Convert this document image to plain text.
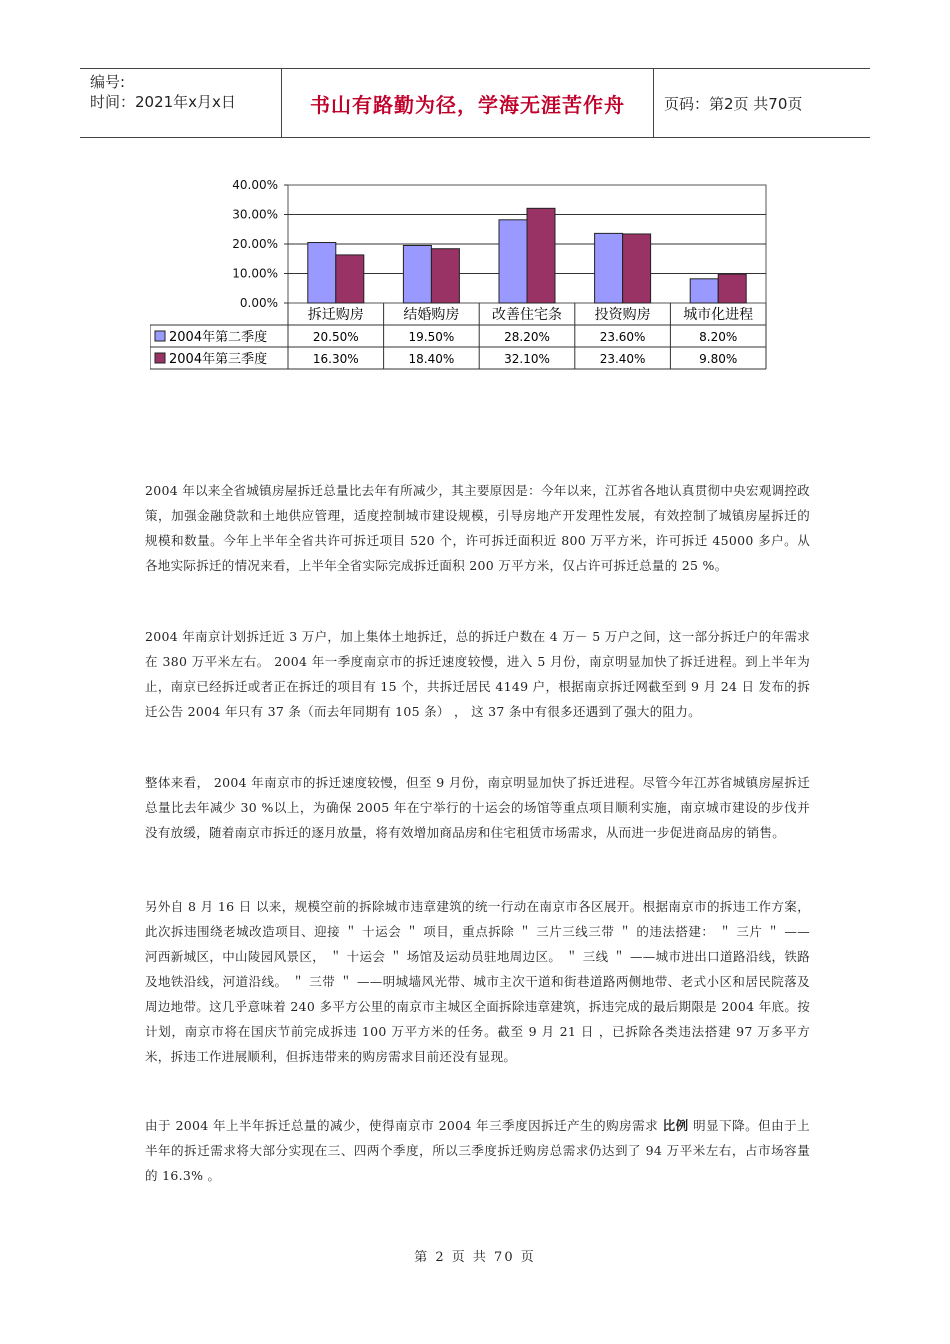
编号:
时间：2021年x月x日	书山有路勤为径，学海无涯苦作舟	页码：第2页 共70页
40.00%
30.00%
20.00%
10.00%
0.00%
拆迁购房	结婚购房 改善住宅条 投资购房 城市化进程
2004年第二季度	20.50%	19.50%	28.20%	23.60%	8.20%
2004年第三季度	16.30%	18.40%	32.10%	23.40%	9.80%
2004 年以来全省城镇房屋拆迁总量比去年有所减少，其主要原因是：今年以来，江苏省各地认真贯彻中央宏观调控政策，加强金融贷款和土地供应管理，适度控制城市建设规模，引导房地产开发理性发展，有效控制了城镇房屋拆迁的规模和数量。今年上半年全省共许可拆迁项目 520 个，许可拆迁面积近 800 万平方米，许可拆迁 45000 多户。从各地实际拆迁的情况来看，上半年全省实际完成拆迁面积 200 万平方米，仅占许可拆迁总量的 25 %。
2004 年南京计划拆迁近 3 万户，加上集体土地拆迁，总的拆迁户数在 4 万－ 5 万户之间，这一部分拆迁户的年需求在 380 万平米左右。 2004 年一季度南京市的拆迁速度较慢，进入 5 月份，南京明显加快了拆迁进程。到上半年为止，南京已经拆迁或者正在拆迁的项目有 15 个，共拆迁居民 4149 户，根据南京拆迁网截至到 9 月 24 日 发布的拆迁公告 2004 年只有 37 条（而去年同期有 105 条） ， 这 37 条中有很多还遇到了强大的阻力。
整体来看， 2004 年南京市的拆迁速度较慢，但至 9 月份，南京明显加快了拆迁进程。尽管今年江苏省城镇房屋拆迁总量比去年减少 30 %以上，为确保 2005 年在宁举行的十运会的场馆等重点项目顺利实施，南京城市建设的步伐并没有放缓，随着南京市拆迁的逐月放量，将有效增加商品房和住宅租赁市场需求，从而进一步促进商品房的销售。
另外自 8 月 16 日 以来，规模空前的拆除城市违章建筑的统一行动在南京市各区展开。根据南京市的拆违工作方案，此次拆违围绕老城改造项目、迎接 ＂ 十运会 ＂ 项目，重点拆除 ＂ 三片三线三带 ＂ 的违法搭建： ＂ 三片 ＂ ——河西新城区，中山陵园风景区， ＂ 十运会 ＂ 场馆及运动员驻地周边区。 ＂ 三线 ＂ ——城市进出口道路沿线，铁路及地铁沿线，河道沿线。 ＂ 三带 ＂ ——明城墙风光带、城市主次干道和街巷道路两侧地带、老式小区和居民院落及周边地带。这几乎意味着 240 多平方公里的南京市主城区全面拆除违章建筑，拆违完成的最后期限是 2004 年底。按计划，南京市将在国庆节前完成拆违 100 万平方米的任务。截至 9 月 21 日 ，已拆除各类违法搭建 97 万多平方米，拆违工作进展顺利，但拆违带来的购房需求目前还没有显现。
由于 2004 年上半年拆迁总量的减少，使得南京市 2004 年三季度因拆迁产生的购房需求 比例 明显下降。但由于上半年的拆迁需求将大部分实现在三、四两个季度，所以三季度拆迁购房总需求仍达到了 94 万平米左右，占市场容量的 16.3% 。
第 2 页 共 70 页
